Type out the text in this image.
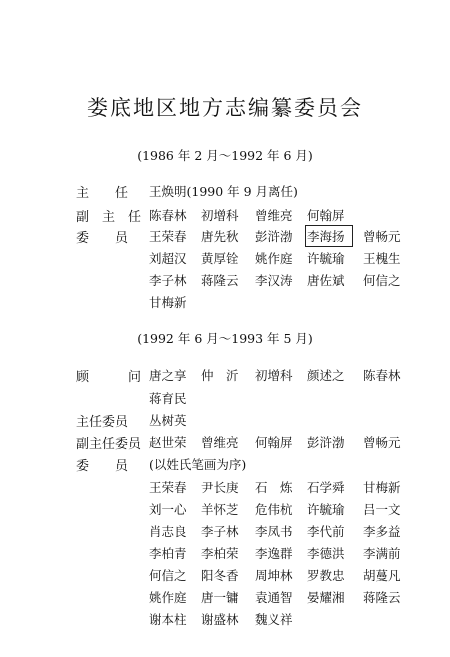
娄底地区地方志编纂委员会
(1986 年 2 月～1992 年 6 月)
主　　任 王焕明(1990 年 9 月离任)
副　主　任 陈春林 初增科 曾维亮 何翰屏
委　　员 王荣春 唐先秋 彭浒渤 李海扬 曾畅元
刘超汉 黄厚铨 姚作庭 许毓瑜 王槐生
李子林 蒋隆云 李汉涛 唐佐斌 何信之
甘梅新
(1992 年 6 月～1993 年 5 月)
顾　　　问 唐之享 仲　沂 初增科 颜述之 陈春林
蒋育民
主任委员 丛树英
副主任委员 赵世荣 曾维亮 何翰屏 彭浒渤 曾畅元
委　　员 (以姓氏笔画为序)
王荣春 尹长庚 石　炼 石学舜 甘梅新
刘一心 羊怀芝 危伟杭 许毓瑜 吕一文
肖志良 李子林 李凤书 李代前 李多益
李柏青 李柏荣 李逸群 李德洪 李满前
何信之 阳冬香 周坤林 罗教忠 胡蔓凡
姚作庭 唐一镛 袁通智 晏耀湘 蒋隆云
谢本柱 谢盛林 魏义祥
